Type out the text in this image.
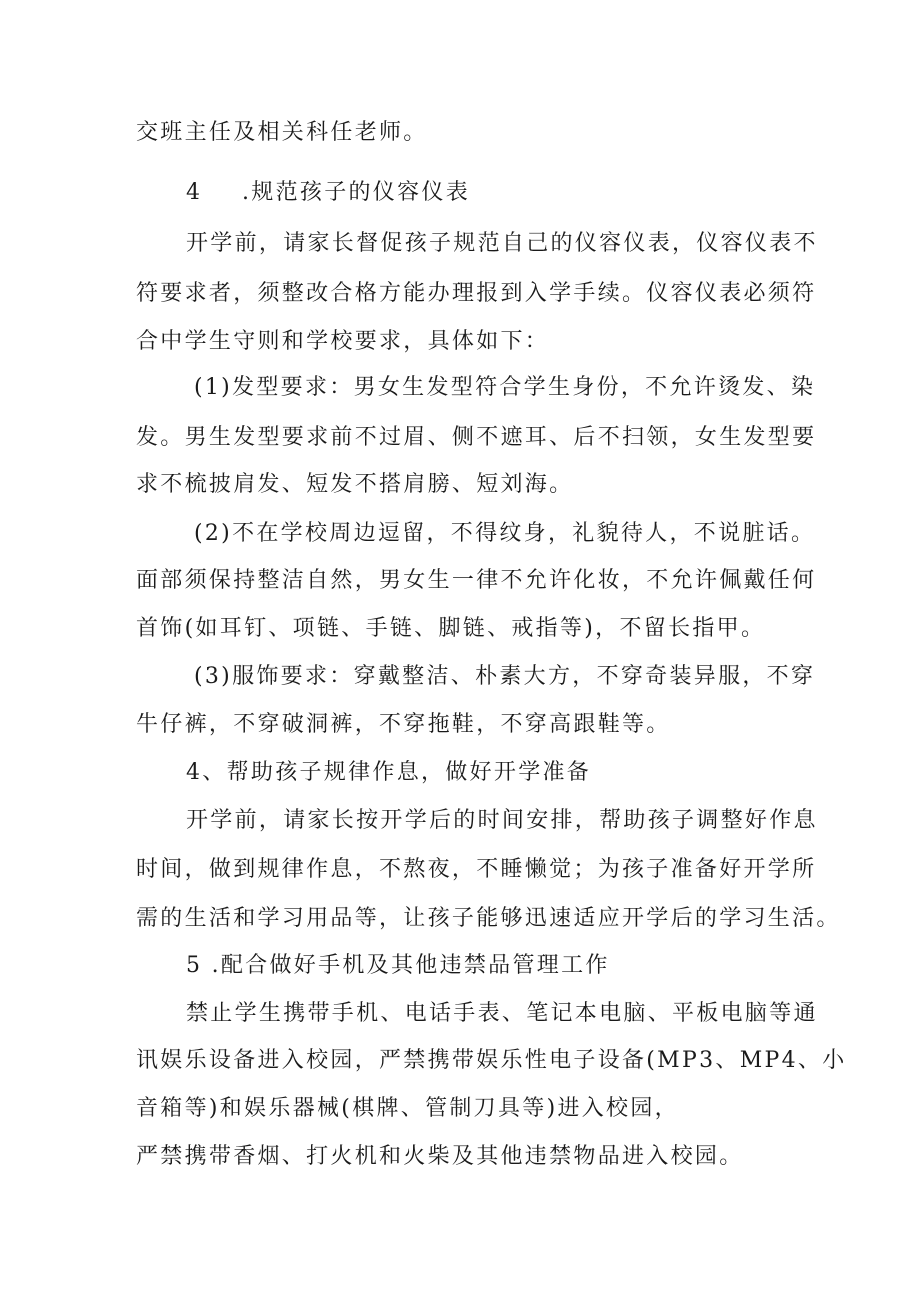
交班主任及相关科任老师。
4 .规范孩子的仪容仪表
开学前，请家长督促孩子规范自己的仪容仪表，仪容仪表不
符要求者，须整改合格方能办理报到入学手续。仪容仪表必须符
合中学生守则和学校要求，具体如下：
(1)发型要求：男女生发型符合学生身份，不允许烫发、染
发。男生发型要求前不过眉、侧不遮耳、后不扫领，女生发型要
求不梳披肩发、短发不搭肩膀、短刘海。
(2)不在学校周边逗留，不得纹身，礼貌待人，不说脏话。
面部须保持整洁自然，男女生一律不允许化妆，不允许佩戴任何
首饰(如耳钉、项链、手链、脚链、戒指等)，不留长指甲。
(3)服饰要求：穿戴整洁、朴素大方，不穿奇装异服，不穿
牛仔裤，不穿破洞裤，不穿拖鞋，不穿高跟鞋等。
4、帮助孩子规律作息，做好开学准备
开学前，请家长按开学后的时间安排，帮助孩子调整好作息
时间，做到规律作息，不熬夜，不睡懒觉；为孩子准备好开学所
需的生活和学习用品等，让孩子能够迅速适应开学后的学习生活。
5 .配合做好手机及其他违禁品管理工作
禁止学生携带手机、电话手表、笔记本电脑、平板电脑等通
讯娱乐设备进入校园，严禁携带娱乐性电子设备(MP3、MP4、小
音箱等)和娱乐器械(棋牌、管制刀具等)进入校园，
严禁携带香烟、打火机和火柴及其他违禁物品进入校园。
